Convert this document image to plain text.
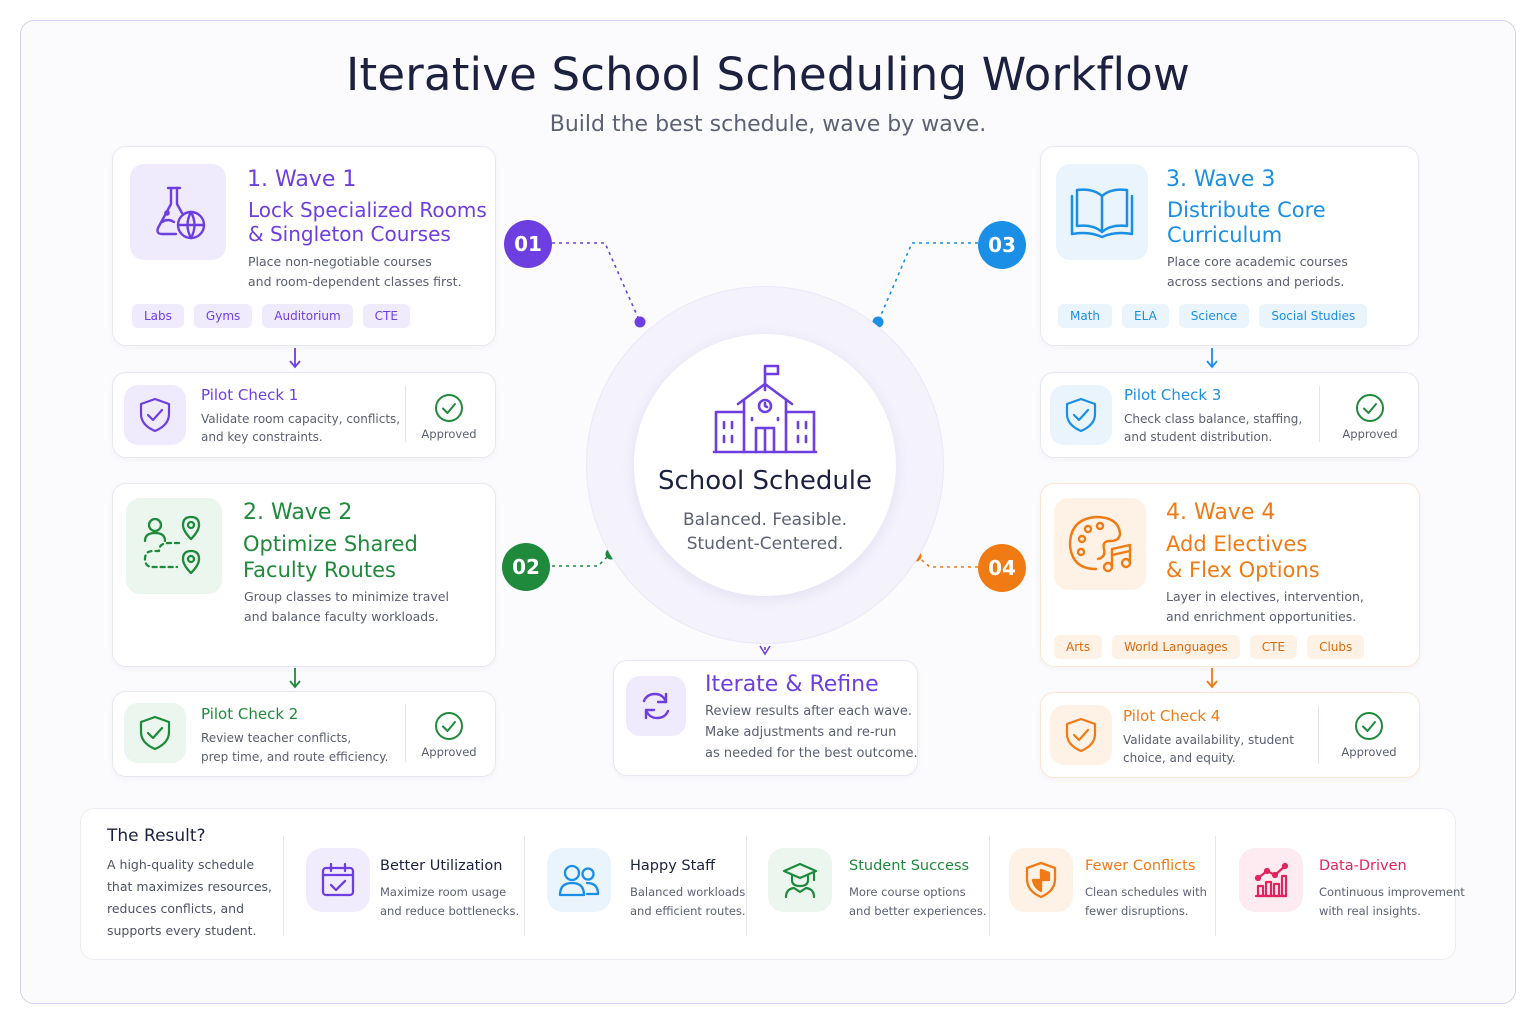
Iterative School Scheduling Workflow
Build the best schedule, wave by wave.
1. Wave 1
Lock Specialized Rooms
& Singleton Courses
Place non-negotiable courses
and room-dependent classes first.
Labs	Gyms	Auditorium	CTE
01
Pilot Check 1
Validate room capacity, conflicts,
and key constraints.	Approved
2. Wave 2
Optimize Shared
Faculty Routes
Group classes to minimize travel
and balance faculty workloads.
02
Pilot Check 2
Review teacher conflicts,
prep time, and route efficiency.	Approved
School Schedule
Balanced. Feasible.
Student-Centered.
Iterate & Refine
Review results after each wave.
Make adjustments and re-run
as needed for the best outcome.
3. Wave 3
Distribute Core
Curriculum
Place core academic courses
across sections and periods.
Math	ELA	Science	Social Studies
03
Pilot Check 3
Check class balance, staffing,
and student distribution.	Approved
4. Wave 4
Add Electives
& Flex Options
Layer in electives, intervention,
and enrichment opportunities.
Arts	World Languages	CTE	Clubs
04
Pilot Check 4
Validate availability, student
choice, and equity.	Approved
The Result?
A high-quality schedule
that maximizes resources,
reduces conflicts, and
supports every student.
Better Utilization
Maximize room usage
and reduce bottlenecks.
Happy Staff
Balanced workloads
and efficient routes.
Student Success
More course options
and better experiences.
Fewer Conflicts
Clean schedules with
fewer disruptions.
Data-Driven
Continuous improvement
with real insights.
